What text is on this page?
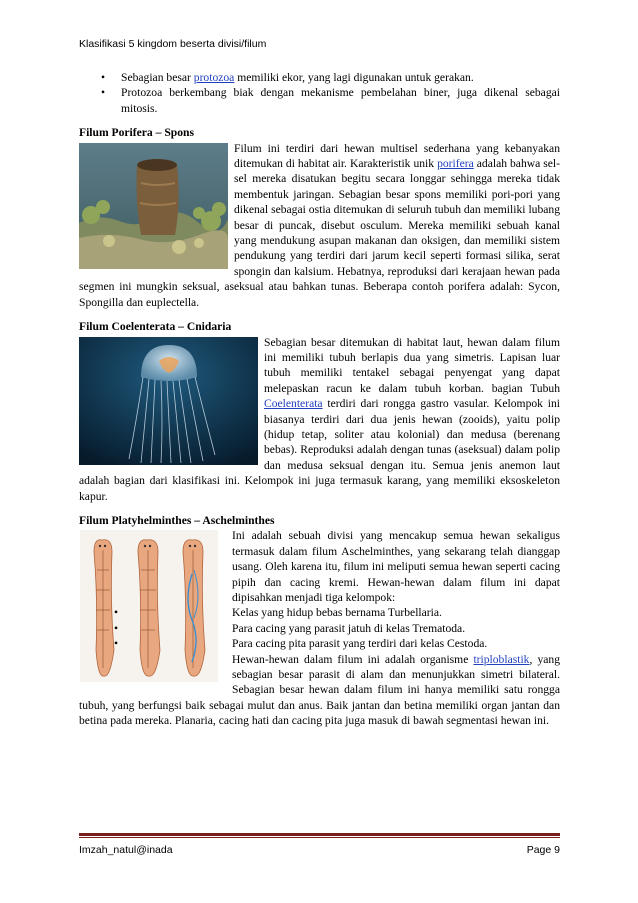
Klasifikasi 5 kingdom beserta divisi/filum
• Sebagian besar protozoa memiliki ekor, yang lagi digunakan untuk gerakan.
• Protozoa berkembang biak dengan mekanisme pembelahan biner, juga dikenal sebagai mitosis.
Filum Porifera – Spons

Filum ini terdiri dari hewan multisel sederhana yang kebanyakan ditemukan di habitat air. Karakteristik unik porifera adalah bahwa sel-sel mereka disatukan begitu secara longgar sehingga mereka tidak membentuk jaringan. Sebagian besar spons memiliki pori-pori yang dikenal sebagai ostia ditemukan di seluruh tubuh dan memiliki lubang besar di puncak, disebut osculum. Mereka memiliki sebuah kanal yang mendukung asupan makanan dan oksigen, dan memiliki sistem pendukung yang terdiri dari jarum kecil seperti formasi silika, serat spongin dan kalsium. Hebatnya, reproduksi dari kerajaan hewan pada segmen ini mungkin seksual, aseksual atau bahkan tunas. Beberapa contoh porifera adalah: Sycon, Spongilla dan euplectella.

Filum Coelenterata – Cnidaria

Sebagian besar ditemukan di habitat laut, hewan dalam filum ini memiliki tubuh berlapis dua yang simetris. Lapisan luar tubuh memiliki tentakel sebagai penyengat yang dapat melepaskan racun ke dalam tubuh korban. bagian Tubuh Coelenterata terdiri dari rongga gastro vasular. Kelompok ini biasanya terdiri dari dua jenis hewan (zooids), yaitu polip (hidup tetap, soliter atau kolonial) dan medusa (berenang bebas). Reproduksi adalah dengan tunas (aseksual) dalam polip dan medusa seksual dengan itu. Semua jenis anemon laut adalah bagian dari klasifikasi ini. Kelompok ini juga termasuk karang, yang memiliki eksoskeleton kapur.

Filum Platyhelminthes – Aschelminthes
Ini adalah sebuah divisi yang mencakup semua hewan sekaligus termasuk dalam filum Aschelminthes, yang sekarang telah dianggap usang. Oleh karena itu, filum ini meliputi semua hewan seperti cacing pipih dan cacing kremi. Hewan-hewan dalam filum ini dapat dipisahkan menjadi tiga kelompok:
• Kelas yang hidup bebas bernama Turbellaria.
• Para cacing yang parasit jatuh di kelas Trematoda.
• Para cacing pita parasit yang terdiri dari kelas Cestoda.
Hewan-hewan dalam filum ini adalah organisme triploblastik, yang sebagian besar parasit di alam dan menunjukkan simetri bilateral. Sebagian besar hewan dalam filum ini hanya memiliki satu rongga tubuh, yang berfungsi baik sebagai mulut dan anus. Baik jantan dan betina memiliki organ jantan dan betina pada mereka. Planaria, cacing hati dan cacing pita juga masuk di bawah segmentasi hewan ini.
Imzah_natul@inada	Page 9
